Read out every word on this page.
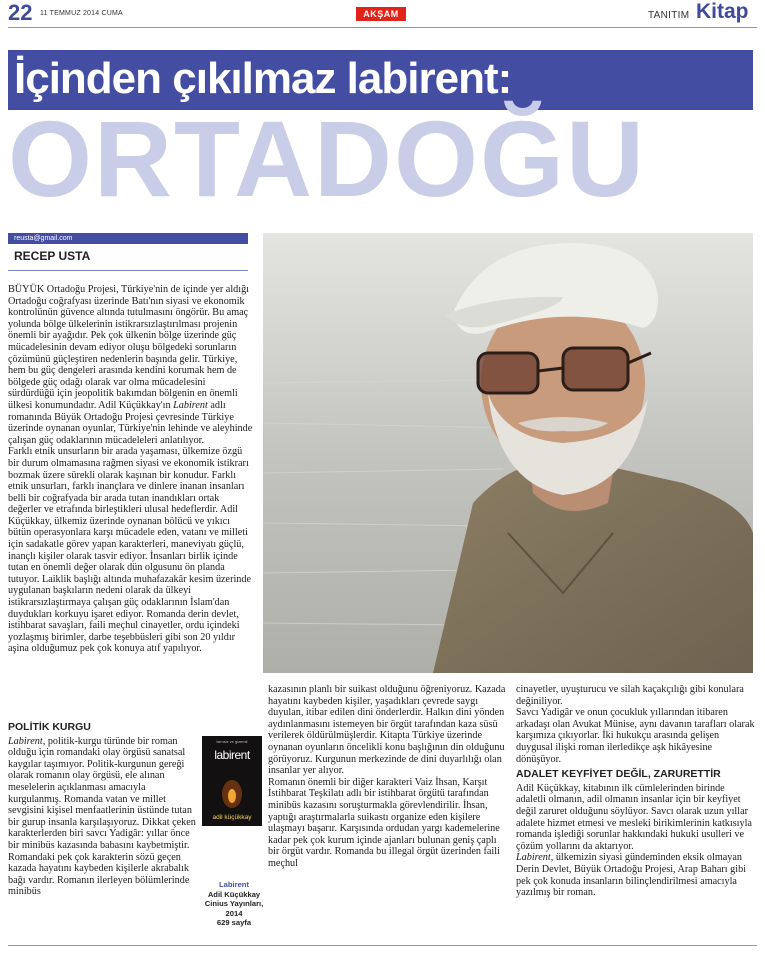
22 11 TEMMUZ 2014 CUMA	AKŞAM	TANITIM Kitap
İçinden çıkılmaz labirent:
ORTADOĞU
reusta@gmail.com
RECEP USTA

BÜYÜK Ortadoğu Projesi, Türkiye'nin de içinde yer aldığı Ortadoğu coğrafyası üzerinde Batı'nın siyasi ve ekonomik kontrolünün güvence altında tutulmasını öngörür. Bu amaç yolunda bölge ülkelerinin istikrarsızlaştırılması projenin önemli bir ayağıdır. Pek çok ülkenin bölge üzerinde güç mücadelesinin devam ediyor oluşu bölgedeki sorunların çözümünü güçleştiren nedenlerin başında gelir. Türkiye, hem bu güç dengeleri arasında kendini korumak hem de bölgede güç odağı olarak var olma mücadelesini sürdürdüğü için jeopolitik bakımdan bölgenin en önemli ülkesi konumundadır. Adil Küçükkay'ın Labirent adlı romanında Büyük Ortadoğu Projesi çevresinde Türkiye üzerinde oynanan oyunlar, Türkiye'nin lehinde ve aleyhinde çalışan güç odaklarının mücadeleleri anlatılıyor.

Farklı etnik unsurların bir arada yaşaması, ülkemize özgü bir durum olmamasına rağmen siyasi ve ekonomik istikrarı bozmak üzere sürekli olarak kaşınan bir konudur. Farklı etnik unsurları, farklı inançlara ve dinlere inanan insanları belli bir coğrafyada bir arada tutan inandıkları ortak değerler ve etrafında birleştikleri ulusal hedeflerdir. Adil Küçükkay, ülkemiz üzerinde oynanan bölücü ve yıkıcı bütün operasyonlara karşı mücadele eden, vatanı ve milleti için sadakatle görev yapan karakterleri, maneviyatı güçlü, inançlı kişiler olarak tasvir ediyor. İnsanları birlik içinde tutan en önemli değer olarak dün olgusunu ön planda tutuyor. Laiklik başlığı altında muhafazakâr kesim üzerinde uygulanan başkıların nedeni olarak da ülkeyi istikrarsızlaştırmaya çalışan güç odaklarının İslam'dan duydukları korkuyu işaret ediyor. Romanda derin devlet, istihbarat savaşları, faili meçhul cinayetler, ordu içindeki yozlaşmış birimler, darbe teşebbüsleri gibi son 20 yıldır aşina olduğumuz pek çok konuya atıf yapılıyor.

POLİTİK KURGU

Labirent, politik-kurgu türünde bir roman olduğu için romandaki olay örgüsü sanatsal kaygılar taşımıyor. Politik-kurgunun gereği olarak romanın olay örgüsü, ele alınan meselelerin açıklanması amacıyla kurgulanmış. Romanda vatan ve millet sevgisini kişisel menfaatlerinin üstünde tutan bir gurup insanla karşılaşıyoruz. Dikkat çeken karakterlerden biri savcı Yadigâr: yıllar önce bir minibüs kazasında babasını kaybetmiştir. Romandaki pek çok karakterin sözü geçen kazada hayatını kaybeden kişilerle akrabalık bağı vardır. Romanın ilerleyen bölümlerinde minibüs

isimsiz ve gizemli
labirent
adil küçükkay
Labirent
Adil Küçükkay
Cinius Yayınları, 2014
629 sayfa

kazasının planlı bir suikast olduğunu öğreniyoruz. Kazada hayatını kaybeden kişiler, yaşadıkları çevrede saygı duyulan, itibar edilen dini önderlerdir. Halkın dini yönden aydınlanmasını istemeyen bir örgüt tarafından kaza süsü verilerek öldürülmüşlerdir. Kitapta Türkiye üzerinde oynanan oyunların öncelikli konu başlığının din olduğunu görüyoruz. Kurgunun merkezinde de dini duyarlılığı olan insanlar yer alıyor.

Romanın önemli bir diğer karakteri Vaiz İhsan, Karşıt İstihbarat Teşkilatı adlı bir istihbarat örgütü tarafından minibüs kazasını soruşturmakla görevlendirilir. İhsan, yaptığı araştırmalarla suikastı organize eden kişilere ulaşmayı başarır. Karşısında ordudan yargı kademelerine kadar pek çok kurum içinde ajanları bulunan geniş çaplı bir örgüt vardır. Romanda bu illegal örgüt üzerinden faili meçhul

cinayetler, uyuşturucu ve silah kaçakçılığı gibi konulara değiniliyor.

Savcı Yadigâr ve onun çocukluk yıllarından itibaren arkadaşı olan Avukat Münise, aynı davanın tarafları olarak karşımıza çıkıyorlar. İki hukukçu arasında gelişen duygusal ilişki roman ilerledikçe aşk hikâyesine dönüşüyor.

ADALET KEYFİYET DEĞİL, ZARURETTİR

Adil Küçükkay, kitabının ilk cümlelerinden birinde adaletli olmanın, adil olmanın insanlar için bir keyfiyet değil zaruret olduğunu söylüyor. Savcı olarak uzun yıllar adalete hizmet etmesi ve mesleki birikimlerinin katkısıyla romanda işlediği sorunlar hakkındaki hukuki usulleri ve çözüm yollarını da aktarıyor.

Labirent, ülkemizin siyasi gündeminden eksik olmayan Derin Devlet, Büyük Ortadoğu Projesi, Arap Baharı gibi pek çok konuda insanların bilinçlendirilmesi amacıyla yazılmış bir roman.
